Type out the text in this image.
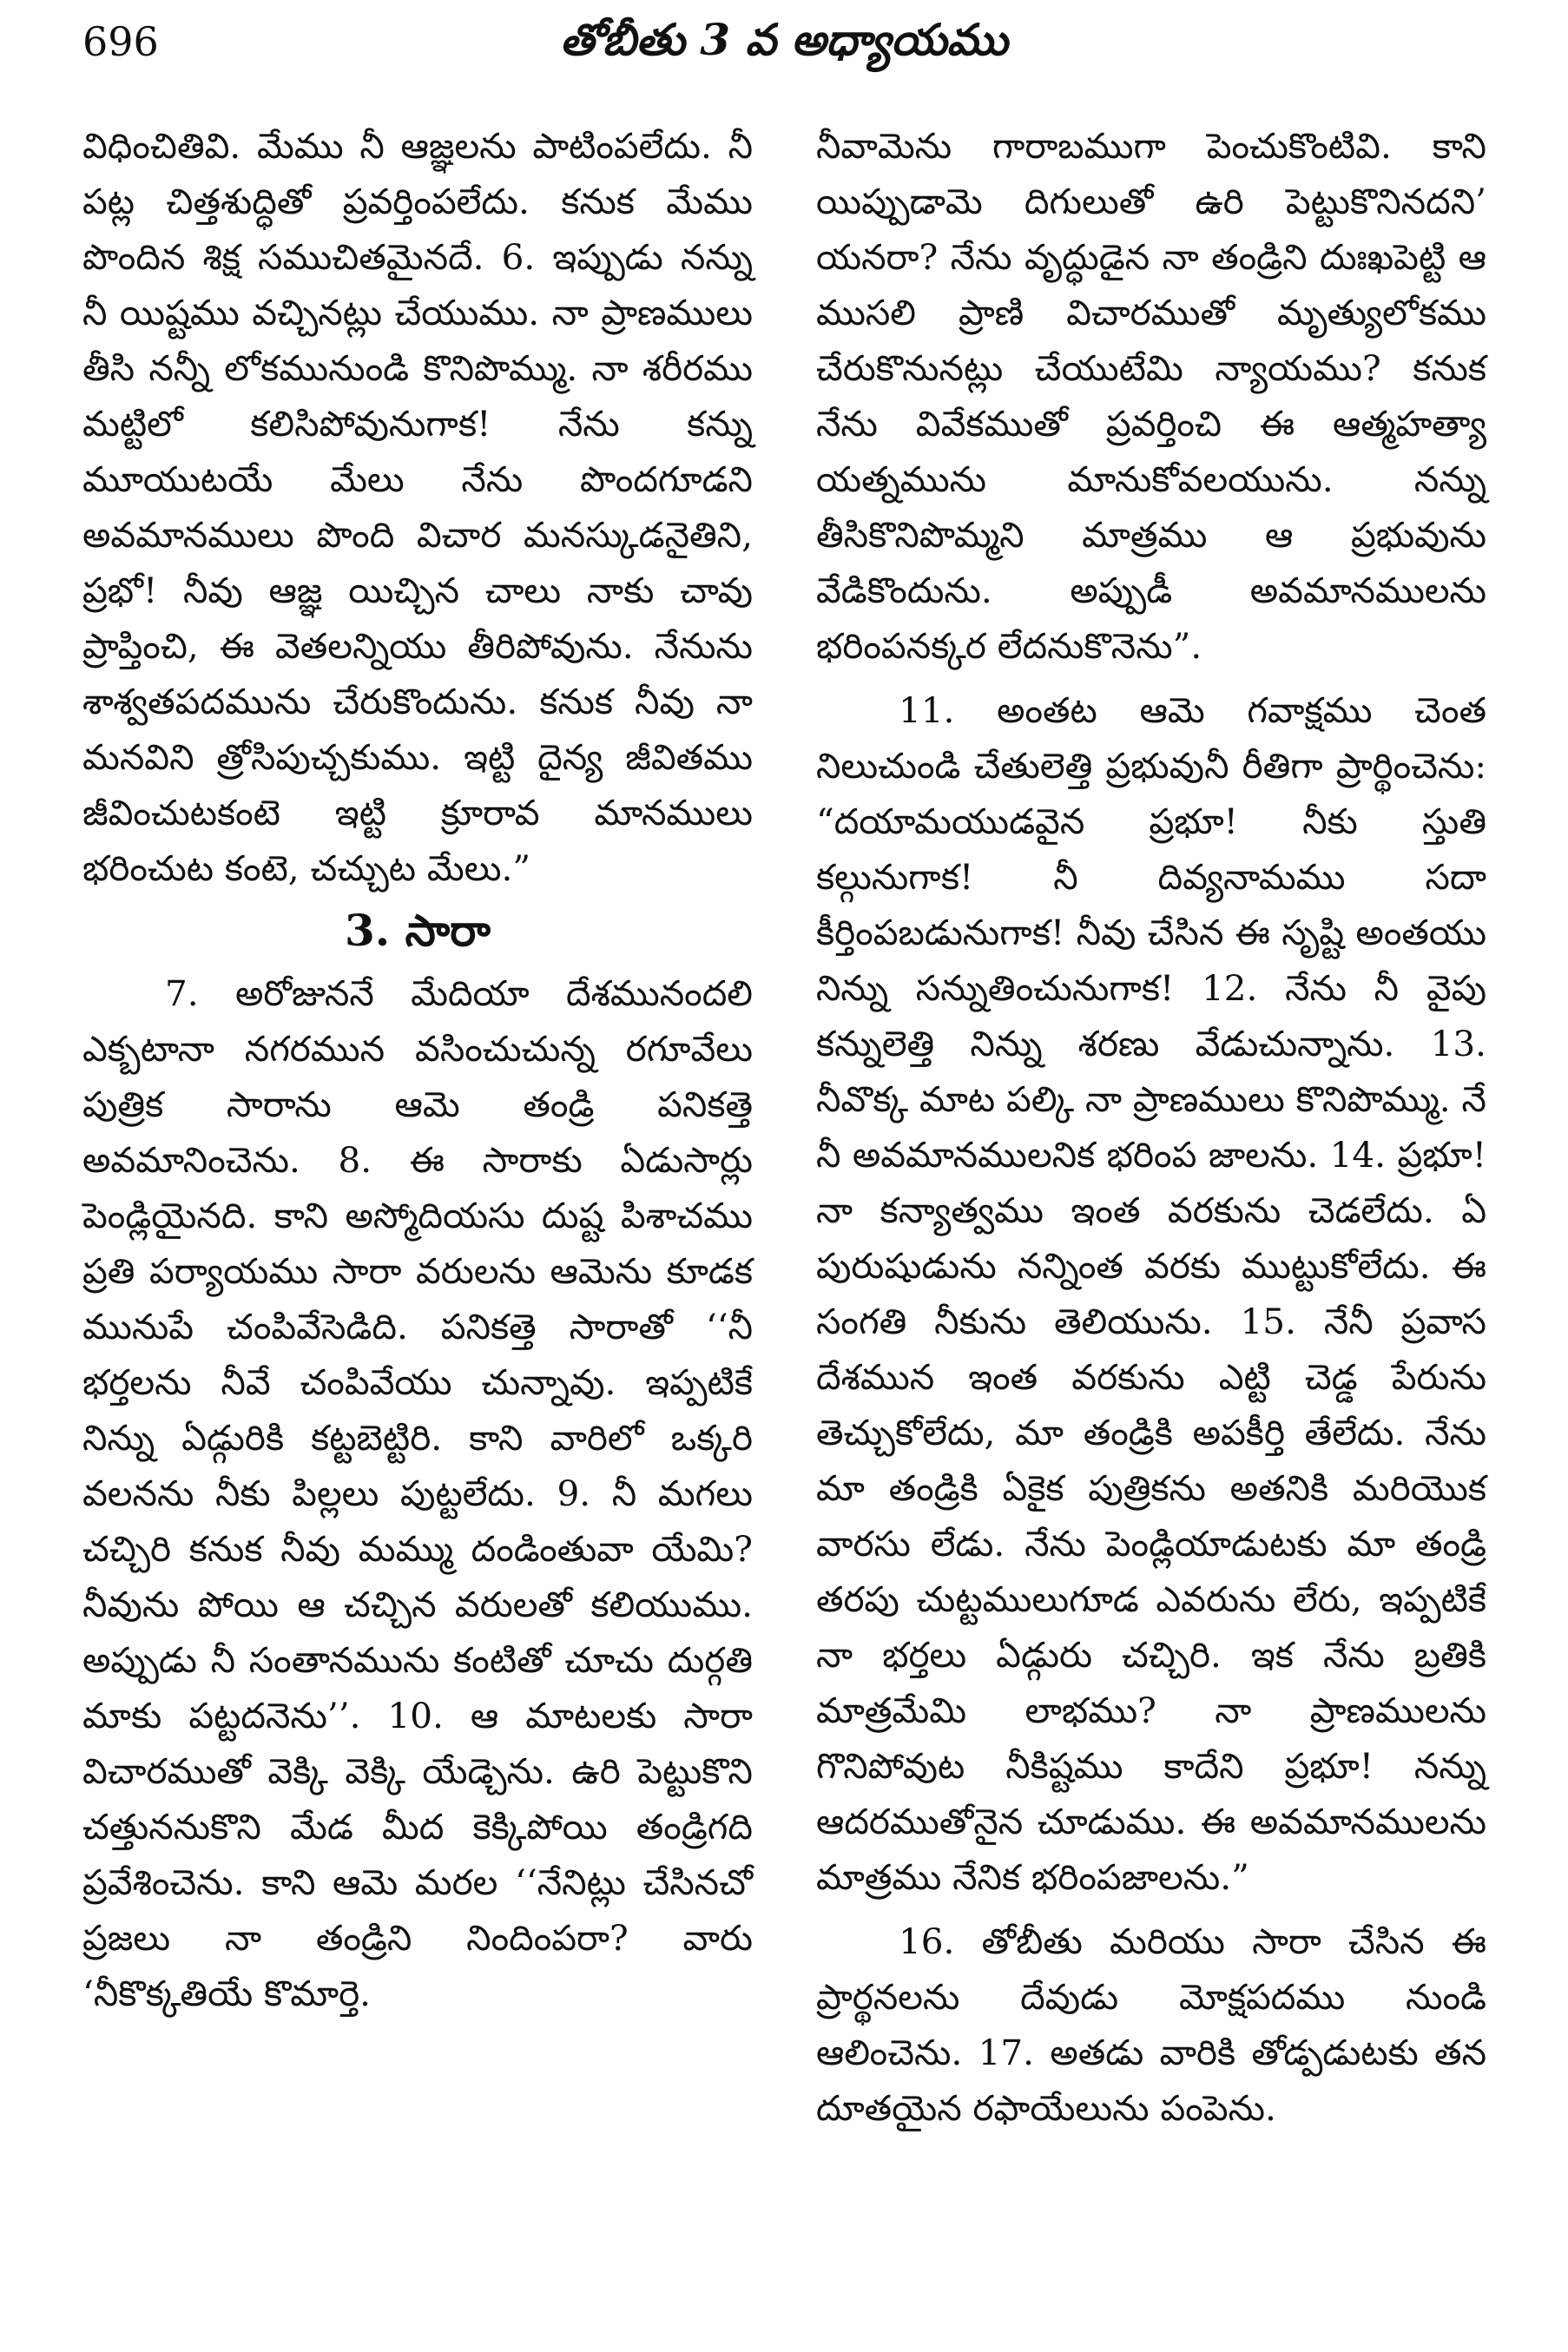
696	తోబీతు 3 వ అధ్యాయము

విధించితివి. మేము నీ ఆజ్ఞలను పాటింపలేదు. నీ పట్ల చిత్తశుద్ధితో ప్రవర్తింపలేదు. కనుక మేము పొందిన శిక్ష సముచితమైనదే. 6. ఇప్పుడు నన్ను నీ యిష్టము వచ్చినట్లు చేయుము. నా ప్రాణములు తీసి నన్నీ లోకమునుండి కొనిపొమ్ము. నా శరీరము మట్టిలో కలిసిపోవునుగాక! నేను కన్ను మూయుటయే మేలు నేను పొందగూడని అవమానములు పొంది విచార మనస్కుడనైతిని, ప్రభో! నీవు ఆజ్ఞ యిచ్చిన చాలు నాకు చావు ప్రాప్తించి, ఈ వెతలన్నియు తీరిపోవును. నేనును శాశ్వతపదమును చేరుకొందును. కనుక నీవు నా మనవిని త్రోసిపుచ్చకుము. ఇట్టి దైన్య జీవితము జీవించుటకంటె ఇట్టి క్రూరావ మానములు భరించుట కంటె, చచ్చుట మేలు.”

3. సారా

7. అరోజుననే మేదియా దేశమునందలి ఎక్బటానా నగరమున వసించుచున్న రగూవేలు పుత్రిక సారాను ఆమె తండ్రి పనికత్తె అవమానించెను. 8. ఈ సారాకు ఏడుసార్లు పెండ్లియైనది. కాని అస్మోదియసు దుష్ట పిశాచము ప్రతి పర్యాయము సారా వరులను ఆమెను కూడక మునుపే చంపివేసెడిది. పనికత్తె సారాతో ‘‘నీ భర్తలను నీవే చంపివేయు చున్నావు. ఇప్పటికే నిన్ను ఏడ్గురికి కట్టబెట్టిరి. కాని వారిలో ఒక్కరి వలనను నీకు పిల్లలు పుట్టలేదు. 9. నీ మగలు చచ్చిరి కనుక నీవు మమ్ము దండింతువా యేమి? నీవును పోయి ఆ చచ్చిన వరులతో కలియుము. అప్పుడు నీ సంతానమును కంటితో చూచు దుర్గతి మాకు పట్టదనెను’’. 10. ఆ మాటలకు సారా విచారముతో వెక్కి వెక్కి యేడ్చెను. ఉరి పెట్టుకొని చత్తుననుకొని మేడ మీద కెక్కిపోయి తండ్రిగది ప్రవేశించెను. కాని ఆమె మరల ‘‘నేనిట్లు చేసినచో ప్రజలు నా తండ్రిని నిందింపరా? వారు ‘నీకొక్కతియే కొమార్తె.

నీవామెను గారాబముగా పెంచుకొంటివి. కాని యిప్పుడామె దిగులుతో ఉరి పెట్టుకొనినదని’ యనరా? నేను వృద్ధుడైన నా తండ్రిని దుఃఖపెట్టి ఆ ముసలి ప్రాణి విచారముతో మృత్యులోకము చేరుకొనునట్లు చేయుటేమి న్యాయము? కనుక నేను వివేకముతో ప్రవర్తించి ఈ ఆత్మహత్యా యత్నమును మానుకోవలయును. నన్ను తీసికొనిపొమ్మని మాత్రము ఆ ప్రభువును వేడికొందును. అప్పుడీ అవమానములను భరింపనక్కర లేదనుకొనెను”.

11. అంతట ఆమె గవాక్షము చెంత నిలుచుండి చేతులెత్తి ప్రభువునీ రీతిగా ప్రార్థించెను: “దయామయుడవైన ప్రభూ! నీకు స్తుతి కల్గునుగాక! నీ దివ్యనామము సదా కీర్తింపబడునుగాక! నీవు చేసిన ఈ సృష్టి అంతయు నిన్ను సన్నుతించునుగాక! 12. నేను నీ వైపు కన్నులెత్తి నిన్ను శరణు వేడుచున్నాను. 13. నీవొక్క మాట పల్కి నా ప్రాణములు కొనిపొమ్ము. నే నీ అవమానములనిక భరింప జాలను. 14. ప్రభూ! నా కన్యాత్వము ఇంత వరకును చెడలేదు. ఏ పురుషుడును నన్నింత వరకు ముట్టుకోలేదు. ఈ సంగతి నీకును తెలియును. 15. నేనీ ప్రవాస దేశమున ఇంత వరకును ఎట్టి చెడ్డ పేరును తెచ్చుకోలేదు, మా తండ్రికి అపకీర్తి తేలేదు. నేను మా తండ్రికి ఏకైక పుత్రికను అతనికి మరియొక వారసు లేడు. నేను పెండ్లియాడుటకు మా తండ్రి తరపు చుట్టములుగూడ ఎవరును లేరు, ఇప్పటికే నా భర్తలు ఏడ్గురు చచ్చిరి. ఇక నేను బ్రతికి మాత్రమేమి లాభము? నా ప్రాణములను గొనిపోవుట నీకిష్టము కాదేని ప్రభూ! నన్ను ఆదరముతోనైన చూడుము. ఈ అవమానములను మాత్రము నేనిక భరింపజాలను.”

16. తోబీతు మరియు సారా చేసిన ఈ ప్రార్థనలను దేవుడు మోక్షపదము నుండి ఆలించెను. 17. అతడు వారికి తోడ్పడుటకు తన దూతయైన రఫాయేలును పంపెను.
